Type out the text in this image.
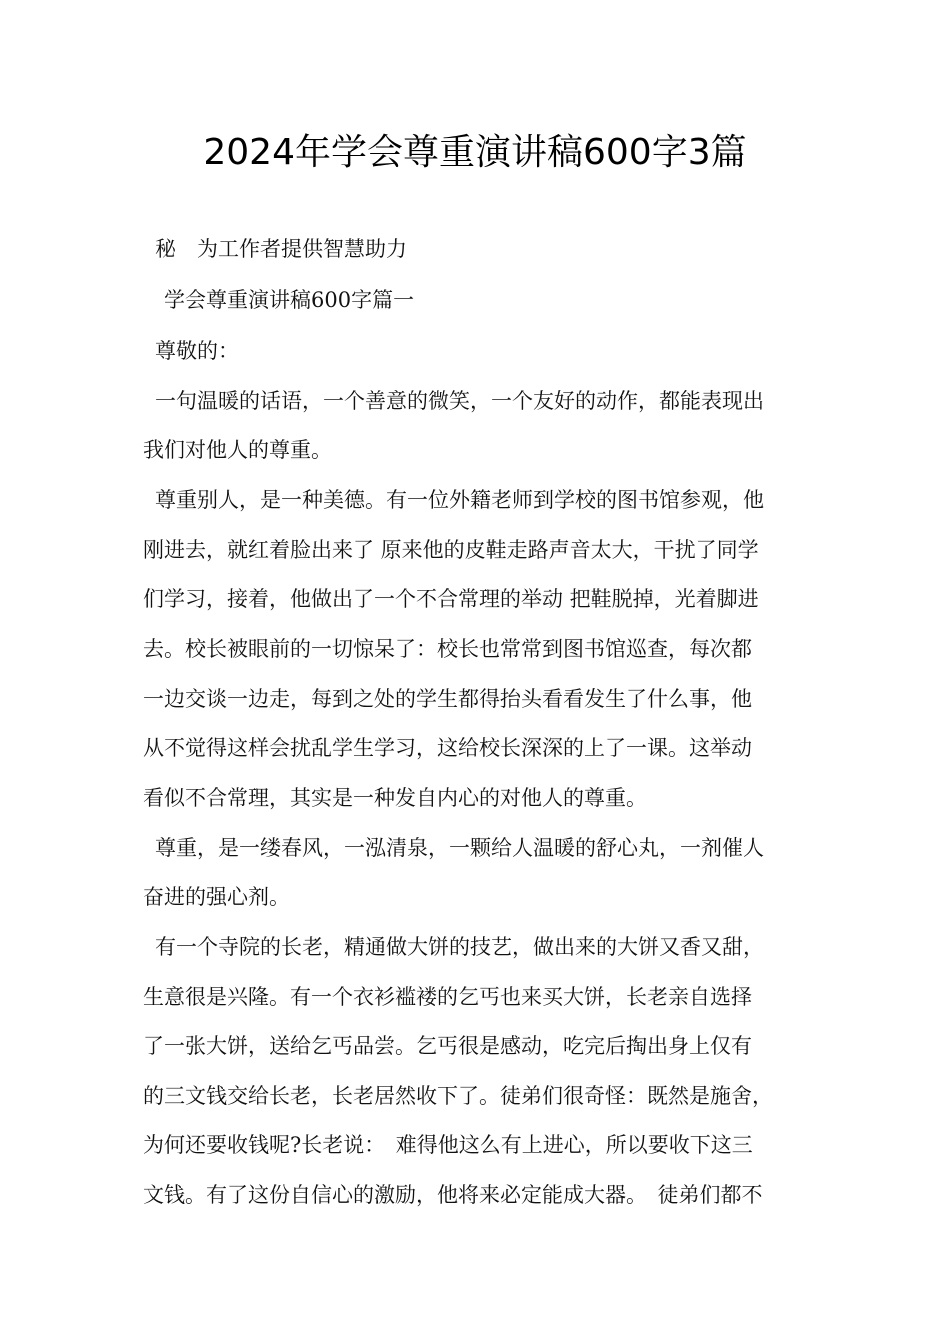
2024年学会尊重演讲稿600字3篇
秘　为工作者提供智慧助力
学会尊重演讲稿600字篇一
尊敬的：
一句温暖的话语，一个善意的微笑，一个友好的动作，都能表现出
我们对他人的尊重。
尊重别人，是一种美德。有一位外籍老师到学校的图书馆参观，他
刚进去，就红着脸出来了 原来他的皮鞋走路声音太大，干扰了同学
们学习，接着，他做出了一个不合常理的举动 把鞋脱掉，光着脚进
去。校长被眼前的一切惊呆了：校长也常常到图书馆巡查，每次都
一边交谈一边走，每到之处的学生都得抬头看看发生了什么事，他
从不觉得这样会扰乱学生学习，这给校长深深的上了一课。这举动
看似不合常理，其实是一种发自内心的对他人的尊重。
尊重，是一缕春风，一泓清泉，一颗给人温暖的舒心丸，一剂催人
奋进的强心剂。
有一个寺院的长老，精通做大饼的技艺，做出来的大饼又香又甜，
生意很是兴隆。有一个衣衫褴褛的乞丐也来买大饼，长老亲自选择
了一张大饼，送给乞丐品尝。乞丐很是感动，吃完后掏出身上仅有
的三文钱交给长老，长老居然收下了。徒弟们很奇怪：既然是施舍，
为何还要收钱呢?长老说：　难得他这么有上进心，所以要收下这三
文钱。有了这份自信心的激励，他将来必定能成大器。　徒弟们都不
